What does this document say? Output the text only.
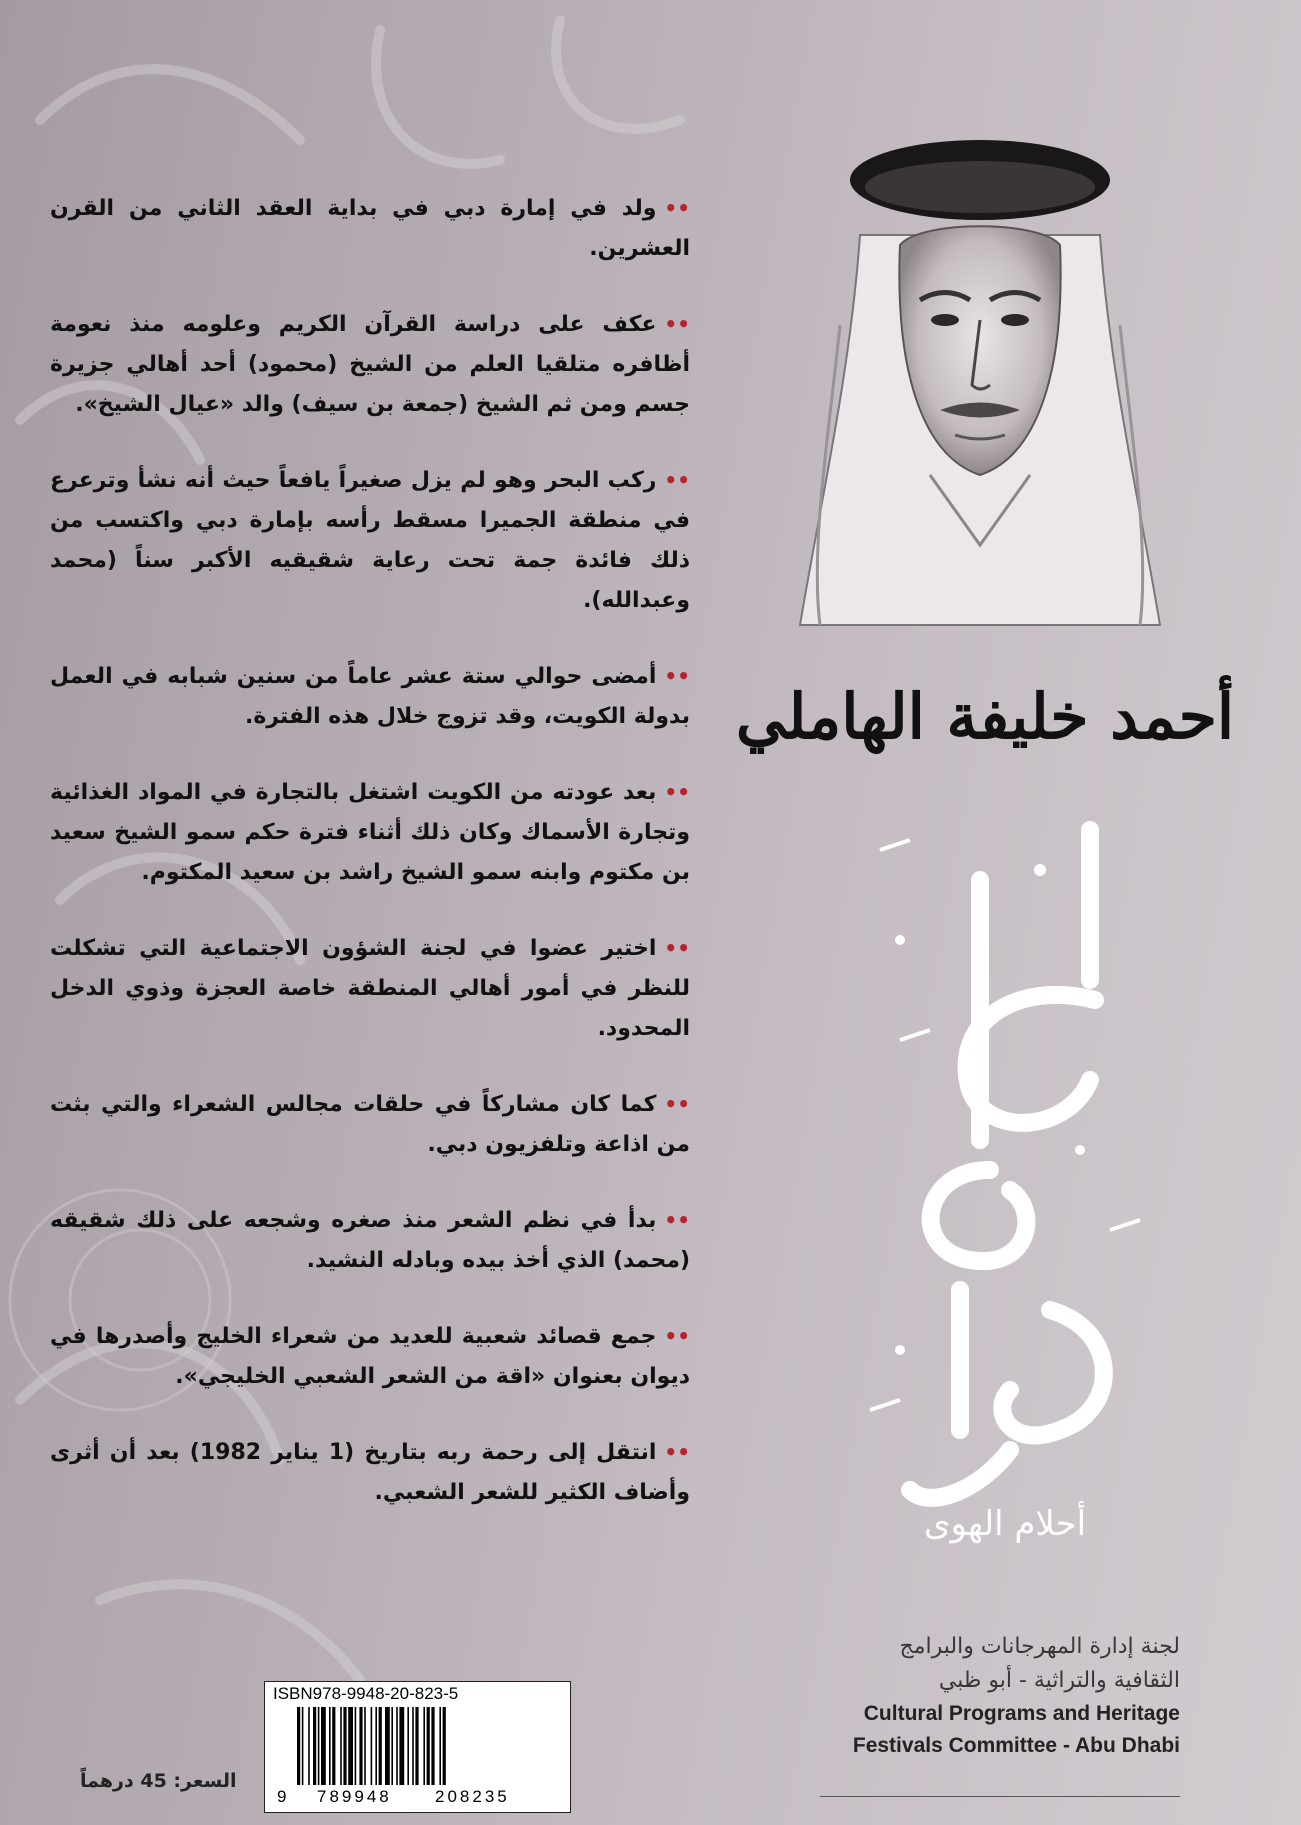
••ولد في إمارة دبي في بداية العقد الثاني من القرن العشرين.

••عكف على دراسة القرآن الكريم وعلومه منذ نعومة أظافره متلقيا العلم من الشيخ (محمود) أحد أهالي جزيرة جسم ومن ثم الشيخ (جمعة بن سيف) والد «عيال الشيخ».

••ركب البحر وهو لم يزل صغيراً يافعاً حيث أنه نشأ وترعرع في منطقة الجميرا مسقط رأسه بإمارة دبي واكتسب من ذلك فائدة جمة تحت رعاية شقيقيه الأكبر سناً (محمد وعبدالله).

••أمضى حوالي ستة عشر عاماً من سنين شبابه في العمل بدولة الكويت، وقد تزوج خلال هذه الفترة.

••بعد عودته من الكويت اشتغل بالتجارة في المواد الغذائية وتجارة الأسماك وكان ذلك أثناء فترة حكم سمو الشيخ سعيد بن مكتوم وابنه سمو الشيخ راشد بن سعيد المكتوم.

••اختير عضوا في لجنة الشؤون الاجتماعية التي تشكلت للنظر في أمور أهالي المنطقة خاصة العجزة وذوي الدخل المحدود.

••كما كان مشاركاً في حلقات مجالس الشعراء والتي بثت من اذاعة وتلفزيون دبي.

••بدأ في نظم الشعر منذ صغره وشجعه على ذلك شقيقه (محمد) الذي أخذ بيده وبادله النشيد.

••جمع قصائد شعبية للعديد من شعراء الخليج وأصدرها في ديوان بعنوان «اقة من الشعر الشعبي الخليجي».

••انتقل إلى رحمة ربه بتاريخ (1 يناير 1982) بعد أن أثرى وأضاف الكثير للشعر الشعبي.

أحمد خليفة الهاملي
أحلام الهوى
لجنة إدارة المهرجانات والبرامج
الثقافية والتراثية - أبو ظبي
Cultural Programs and Heritage
Festivals Committee - Abu Dhabi
ISBN978-9948-20-823-5
9 789948	208235
السعر: 45 درهماً
